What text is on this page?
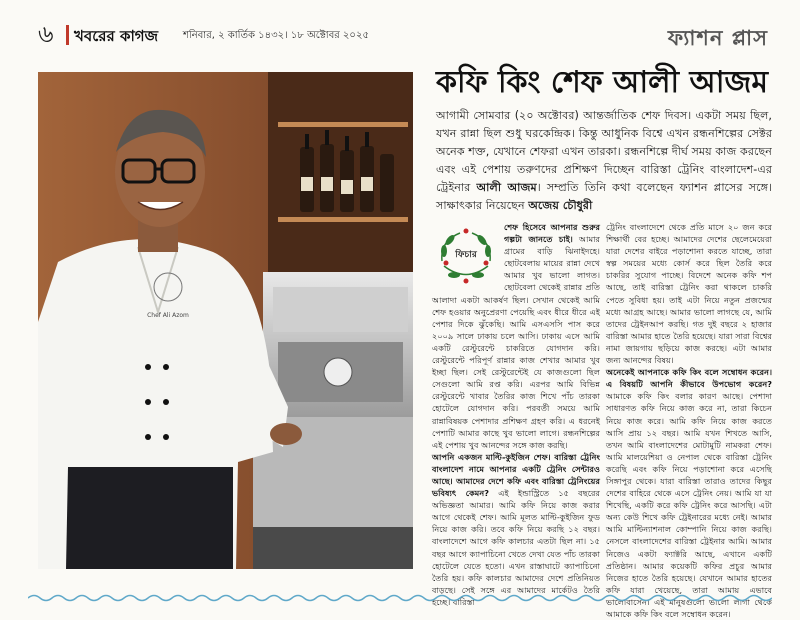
৬ খবরের কাগজ শনিবার, ২ কার্তিক ১৪৩২। ১৮ অক্টোবর ২০২৫	ফ্যাশন প্লাস
Chef Ali Azom
কফি কিং শেফ আলী আজম

আগামী সোমবার (২০ অক্টোবর) আন্তর্জাতিক শেফ দিবস। একটা সময় ছিল, যখন রান্না ছিল শুধু ঘরকেন্দ্রিক। কিন্তু আধুনিক বিশ্বে এখন রন্ধনশিল্পের সেক্টর অনেক শক্ত, যেখানে শেফরা এখন তারকা। রন্ধনশিল্পে দীর্ঘ সময় কাজ করছেন এবং এই পেশায় তরুণদের প্রশিক্ষণ দিচ্ছেন বারিস্তা ট্রেনিং বাংলাদেশ-এর ট্রেইনার আলী আজম। সম্প্রতি তিনি কথা বলেছেন ফ্যাশন প্লাসের সঙ্গে। সাক্ষাৎকার নিয়েছেন অজেয় চৌধুরী

ফিচার
শেফ হিসেবে আপনার শুরুর গল্পটা জানতে চাই। আমার গ্রামের বাড়ি ঝিনাইদহে। ছোটবেলায় মায়ের রান্না দেখে আমার খুব ভালো লাগত। ছোটবেলা থেকেই রান্নার প্রতি আলাদা একটা আকর্ষণ ছিল। সেখান থেকেই আমি শেফ হওয়ার অনুপ্রেরণা পেয়েছি এবং ধীরে ধীরে এই পেশার দিকে ঝুঁকেছি। আমি এসএসসি পাস করে ২০০৯ সালে ঢাকায় চলে আসি। ঢাকায় এসে আমি একটি রেস্টুরেন্টে চাকরিতে যোগদান করি। রেস্টুরেন্টে পরিপূর্ণ রান্নার কাজ শেখার আমার খুব ইচ্ছা ছিল। সেই রেস্টুরেন্টেই যে কাজগুলো ছিল সেগুলো আমি রপ্ত করি। এরপর আমি বিভিন্ন রেস্টুরেন্টে খাবার তৈরির কাজ শিখে পাঁচ তারকা হোটেলে যোগদান করি। পরবর্তী সময়ে আমি রান্নাবিষয়ক পেশাদার প্রশিক্ষণ গ্রহণ করি। এ ধরনেই পেশাটি আমার কাছে খুব ভালো লাগে। রন্ধনশিল্পের এই পেশায় খুব আনন্দের সঙ্গে কাজ করছি।
আপনি একজন মাল্টি-কুইজিন শেফ। বারিস্তা ট্রেনিং বাংলাদেশ নামে আপনার একটি ট্রেনিং সেন্টারও আছে। আমাদের দেশে কফি এবং বারিস্তা ট্রেনিংয়ের ভবিষ্যৎ কেমন? এই ইন্ডাস্ট্রিতে ১৫ বছরের অভিজ্ঞতা আমার। আমি কফি নিয়ে কাজ করার আগে থেকেই শেফ। আমি মূলত মাল্টি-কুইজিন ফুড নিয়ে কাজ করি। তবে কফি নিয়ে করছি ১২ বছর। বাংলাদেশে আগে কফি কালচার এতটা ছিল না। ১৫ বছর আগে ক্যাপাচিনো খেতে দেখা যেত পাঁচ তারকা হোটেলে যেতে হতো। এখন রাস্তাঘাটে ক্যাপাচিনো তৈরি হয়। কফি কালচার আমাদের দেশে প্রতিনিয়ত বাড়ছে। সেই সঙ্গে এর আমাদের মার্কেটও তৈরি হচ্ছে। বারিস্তা
ট্রেনিং বাংলাদেশে থেকে প্রতি মাসে ২০ জন করে শিক্ষার্থী বের হচ্ছে। আমাদের দেশের ছেলেমেয়েরা যারা দেশের বাইরে পড়াশোনা করতে যাচ্ছে, তারা স্বল্প সময়ের মধ্যে কোর্স করে ছিল তৈরি করে চাকরির সুযোগ পাচ্ছে। বিদেশে অনেক কফি শপ আছে, তাই বারিস্তা ট্রেনিং করা থাকলে চাকরি পেতে সুবিধা হয়। তাই এটা নিয়ে নতুন প্রজন্মের মধ্যে আগ্রহ আছে। আমার ভালো লাগছে যে, আমি তাদের ট্রেইনআপ করছি। গত দুই বছরে ২ হাজার বারিস্তা আমার হাতে তৈরি হয়েছে। যারা সারা বিশ্বের নামা জায়গায় ছড়িয়ে কাজ করছে। এটা আমার জন্য আনন্দের বিষয়।
অনেকেই আপনাকে কফি কিং বলে সম্বোধন করেন। এ বিষয়টি আপনি কীভাবে উপভোগ করেন? আমাকে কফি কিং বলার কারণ আছে। পেশাদা সাধারণত কফি নিয়ে কাজ করে না, তারা কিচেন নিয়ে কাজ করে। আমি কফি নিয়ে কাজ করতে আসি প্রায় ১২ বছর। আমি যখন শিখতে আসি, তখন আমি বাংলাদেশের মোটামুটি নামকরা শেফ। আমি মালয়েশিয়া ও নেপাল থেকে বারিস্তা ট্রেনিং করেছি এবং কফি নিয়ে পড়াশোনা করে এসেছি সিঙ্গাপুর থেকে। যারা বারিস্তা তারাও তাদের কিছুর দেশের বাহিরে থেকে এসে ট্রেনিং নেয়। আমি যা যা শিখেছি, একটি করে কফি ট্রেনিং করে আসছি। এটা অন্য কেউ শিখে কফি ট্রেইনারের মধ্যে নেই। আমার আমি মাল্টিন্যাশনাল কোম্পানি নিয়ে কাজ করছি। নেসলে বাংলাদেশের বারিস্তা ট্রেইনার আমি। আমার নিজেও একটা ফ্যাক্টরি আছে, এখানে একটি প্রতিষ্ঠান। আমার কয়েকটি কফির প্রচুর আমার নিজের হাতে তৈরি হয়েছে। যেখানে আমার হাতের কফি যারা খেয়েছে, তারা আমায় এভাবে ভালোবাসেন। এই মানুষগুলো ভালো লাগা থেকে আমাকে কফি কিং বলে সম্বোধন করেন।
